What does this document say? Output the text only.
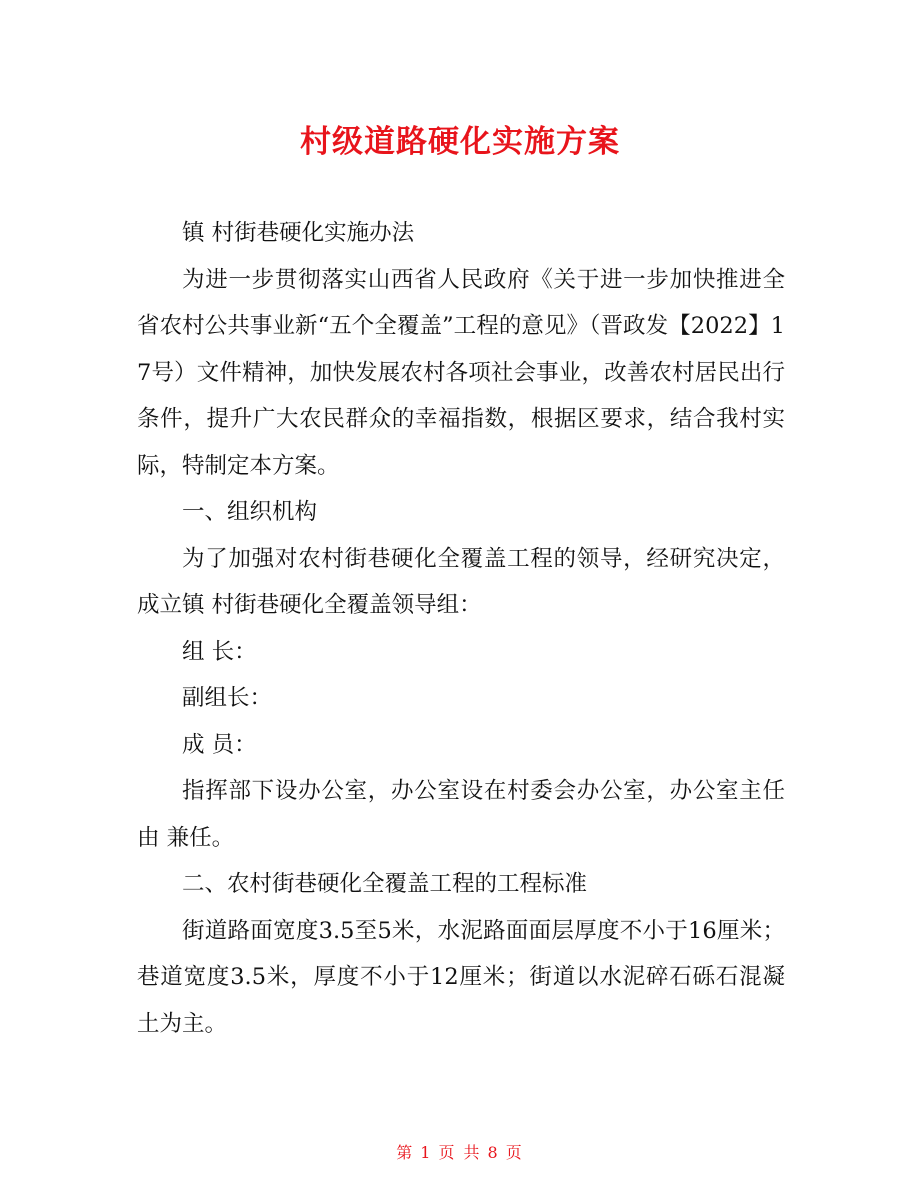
村级道路硬化实施方案

镇 村街巷硬化实施办法

为进一步贯彻落实山西省人民政府《关于进一步加快推进全省农村公共事业新“五个全覆盖”工程的意见》（晋政发【2022】17号）文件精神，加快发展农村各项社会事业，改善农村居民出行条件，提升广大农民群众的幸福指数，根据区要求，结合我村实际，特制定本方案。

一、组织机构

为了加强对农村街巷硬化全覆盖工程的领导，经研究决定，成立镇 村街巷硬化全覆盖领导组：

组 长：

副组长：

成 员：

指挥部下设办公室，办公室设在村委会办公室，办公室主任由 兼任。

二、农村街巷硬化全覆盖工程的工程标准

街道路面宽度3.5至5米，水泥路面面层厚度不小于16厘米；巷道宽度3.5米，厚度不小于12厘米；街道以水泥碎石砾石混凝土为主。

第 1 页 共 8 页
